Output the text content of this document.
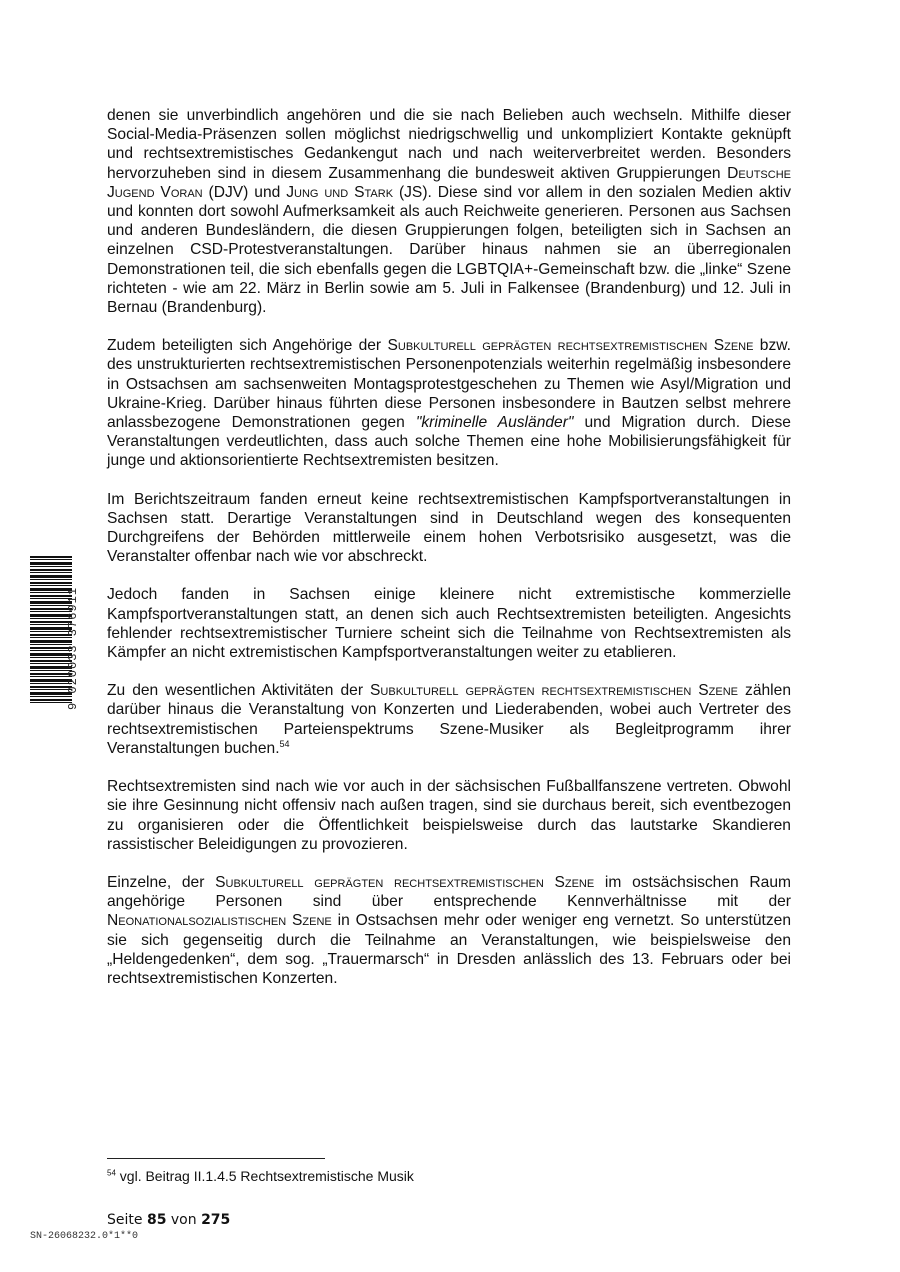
9 020033 376911

denen sie unverbindlich angehören und die sie nach Belieben auch wechseln. Mithilfe dieser Social-Media-Präsenzen sollen möglichst niedrigschwellig und unkompliziert Kontakte geknüpft und rechtsextremistisches Gedankengut nach und nach weiterverbreitet werden. Besonders hervorzuheben sind in diesem Zusammenhang die bundesweit aktiven Gruppierungen Deutsche Jugend Voran (DJV) und Jung und Stark (JS). Diese sind vor allem in den sozialen Medien aktiv und konnten dort sowohl Aufmerksamkeit als auch Reichweite generieren. Personen aus Sachsen und anderen Bundesländern, die diesen Gruppierungen folgen, beteiligten sich in Sachsen an einzelnen CSD-Protestveranstaltungen. Darüber hinaus nahmen sie an überregionalen Demonstrationen teil, die sich ebenfalls gegen die LGBTQIA+-Gemeinschaft bzw. die „linke“ Szene richteten - wie am 22. März in Berlin sowie am 5. Juli in Falkensee (Brandenburg) und 12. Juli in Bernau (Brandenburg).

Zudem beteiligten sich Angehörige der Subkulturell geprägten rechtsextremistischen Szene bzw. des unstrukturierten rechtsextremistischen Personenpotenzials weiterhin regelmäßig insbesondere in Ostsachsen am sachsenweiten Montagsprotestgeschehen zu Themen wie Asyl/Migration und Ukraine-Krieg. Darüber hinaus führten diese Personen insbesondere in Bautzen selbst mehrere anlassbezogene Demonstrationen gegen "kriminelle Ausländer" und Migration durch. Diese Veranstaltungen verdeutlichten, dass auch solche Themen eine hohe Mobilisierungsfähigkeit für junge und aktionsorientierte Rechtsextremisten besitzen.

Im Berichtszeitraum fanden erneut keine rechtsextremistischen Kampfsportveranstaltungen in Sachsen statt. Derartige Veranstaltungen sind in Deutschland wegen des konsequenten Durchgreifens der Behörden mittlerweile einem hohen Verbotsrisiko ausgesetzt, was die Veranstalter offenbar nach wie vor abschreckt.

Jedoch fanden in Sachsen einige kleinere nicht extremistische kommerzielle Kampfsportveranstaltungen statt, an denen sich auch Rechtsextremisten beteiligten. Angesichts fehlender rechtsextremistischer Turniere scheint sich die Teilnahme von Rechtsextremisten als Kämpfer an nicht extremistischen Kampfsportveranstaltungen weiter zu etablieren.

Zu den wesentlichen Aktivitäten der Subkulturell geprägten rechtsextremistischen Szene zählen darüber hinaus die Veranstaltung von Konzerten und Liederabenden, wobei auch Vertreter des rechtsextremistischen Parteienspektrums Szene-Musiker als Begleitprogramm ihrer Veranstaltungen buchen.$^{54}$

Rechtsextremisten sind nach wie vor auch in der sächsischen Fußballfanszene vertreten. Obwohl sie ihre Gesinnung nicht offensiv nach außen tragen, sind sie durchaus bereit, sich eventbezogen zu organisieren oder die Öffentlichkeit beispielsweise durch das lautstarke Skandieren rassistischer Beleidigungen zu provozieren.

Einzelne, der Subkulturell geprägten rechtsextremistischen Szene im ostsächsischen Raum angehörige Personen sind über entsprechende Kennverhältnisse mit der Neonationalsozialistischen Szene in Ostsachsen mehr oder weniger eng vernetzt. So unterstützen sie sich gegenseitig durch die Teilnahme an Veranstaltungen, wie beispielsweise den „Heldengedenken“, dem sog. „Trauermarsch“ in Dresden anlässlich des 13. Februars oder bei rechtsextremistischen Konzerten.

$^{54}$ vgl. Beitrag II.1.4.5 Rechtsextremistische Musik
Seite 85 von 275
SN-26068232.0*1**0
